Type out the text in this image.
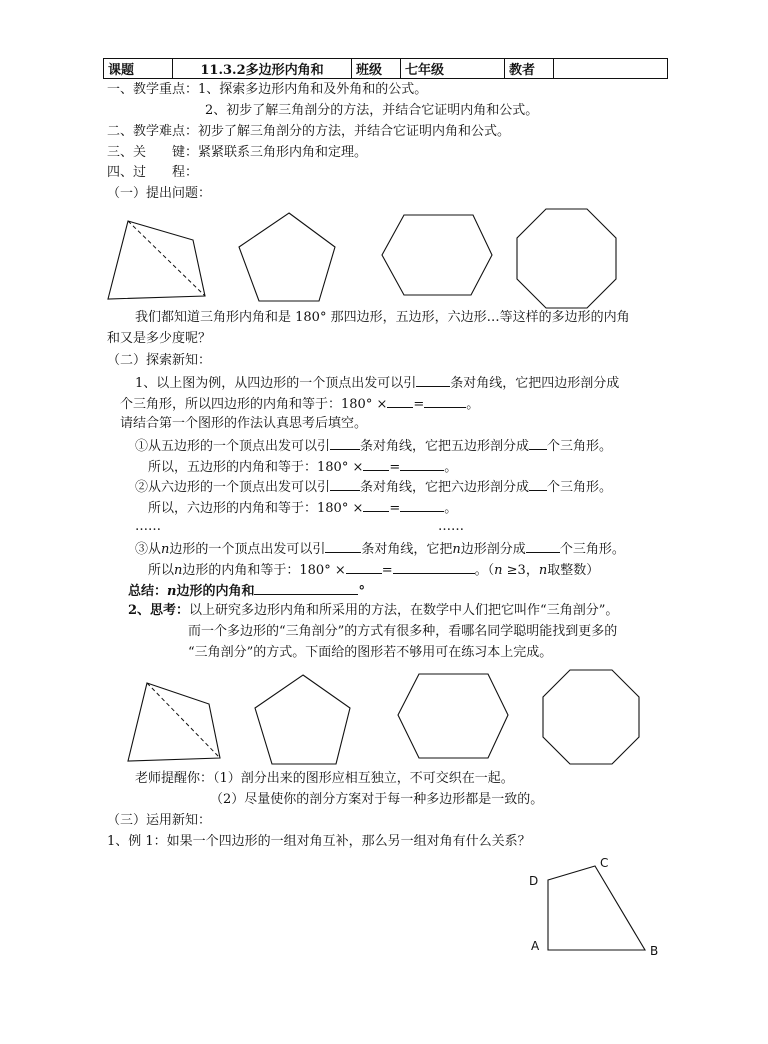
课题	11.3.2多边形内角和	班级	七年级	教者	
一、教学重点：1、探索多边形内角和及外角和的公式。
2、初步了解三角剖分的方法，并结合它证明内角和公式。
二、教学难点：初步了解三角剖分的方法，并结合它证明内角和公式。
三、关　　键：紧紧联系三角形内角和定理。
四、过　　程：
（一）提出问题：
我们都知道三角形内角和是 180° 那四边形，五边形，六边形…等这样的多边形的内角
和又是多少度呢？
（二）探索新知：
1、以上图为例，从四边形的一个顶点出发可以引	条对角线，它把四边形剖分成
个三角形，所以四边形的内角和等于：180° × =	。
请结合第一个图形的作法认真思考后填空。
①从五边形的一个顶点出发可以引 条对角线，它把五边形剖分成 个三角形。
所以，五边形的内角和等于：180° × =	。
②从六边形的一个顶点出发可以引 条对角线，它把六边形剖分成 个三角形。
所以，六边形的内角和等于：180° × =	。
……	……
③从n边形的一个顶点出发可以引	条对角线，它把n边形剖分成	个三角形。
所以n边形的内角和等于：180° ×	=	。（n ≥3，n取整数）
总结：n边形的内角和	°
2、思考：以上研究多边形内角和所采用的方法，在数学中人们把它叫作“三角剖分”。
而一个多边形的“三角剖分”的方式有很多种，看哪名同学聪明能找到更多的
“三角剖分”的方式。下面给的图形若不够用可在练习本上完成。
老师提醒你：（1）剖分出来的图形应相互独立，不可交织在一起。
（2）尽量使你的剖分方案对于每一种多边形都是一致的。
（三）运用新知：
1、例 1：如果一个四边形的一组对角互补，那么另一组对角有什么关系？
D
C
A	B
